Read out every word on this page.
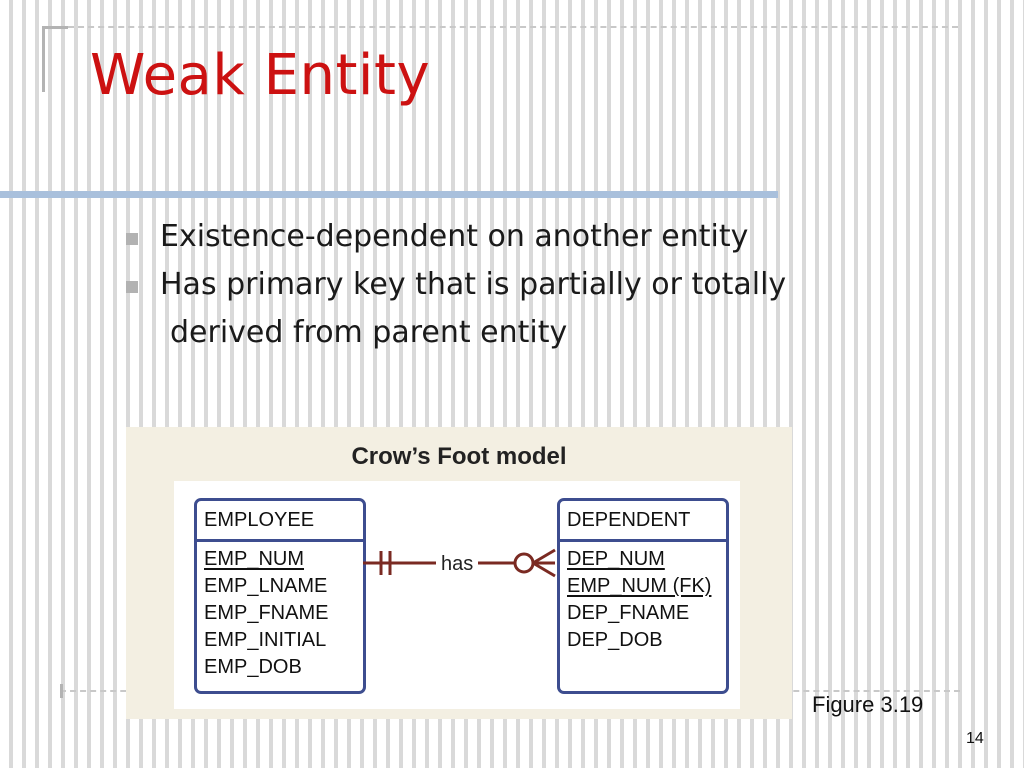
Weak Entity
Existence-dependent on another entity
Has primary key that is partially or totally
derived from parent entity
Crow’s Foot model
EMPLOYEE
EMP_NUM
EMP_LNAME
EMP_FNAME
EMP_INITIAL
EMP_DOB
DEPENDENT
DEP_NUM
EMP_NUM (FK)
DEP_FNAME
DEP_DOB
has
Figure 3.19
14
